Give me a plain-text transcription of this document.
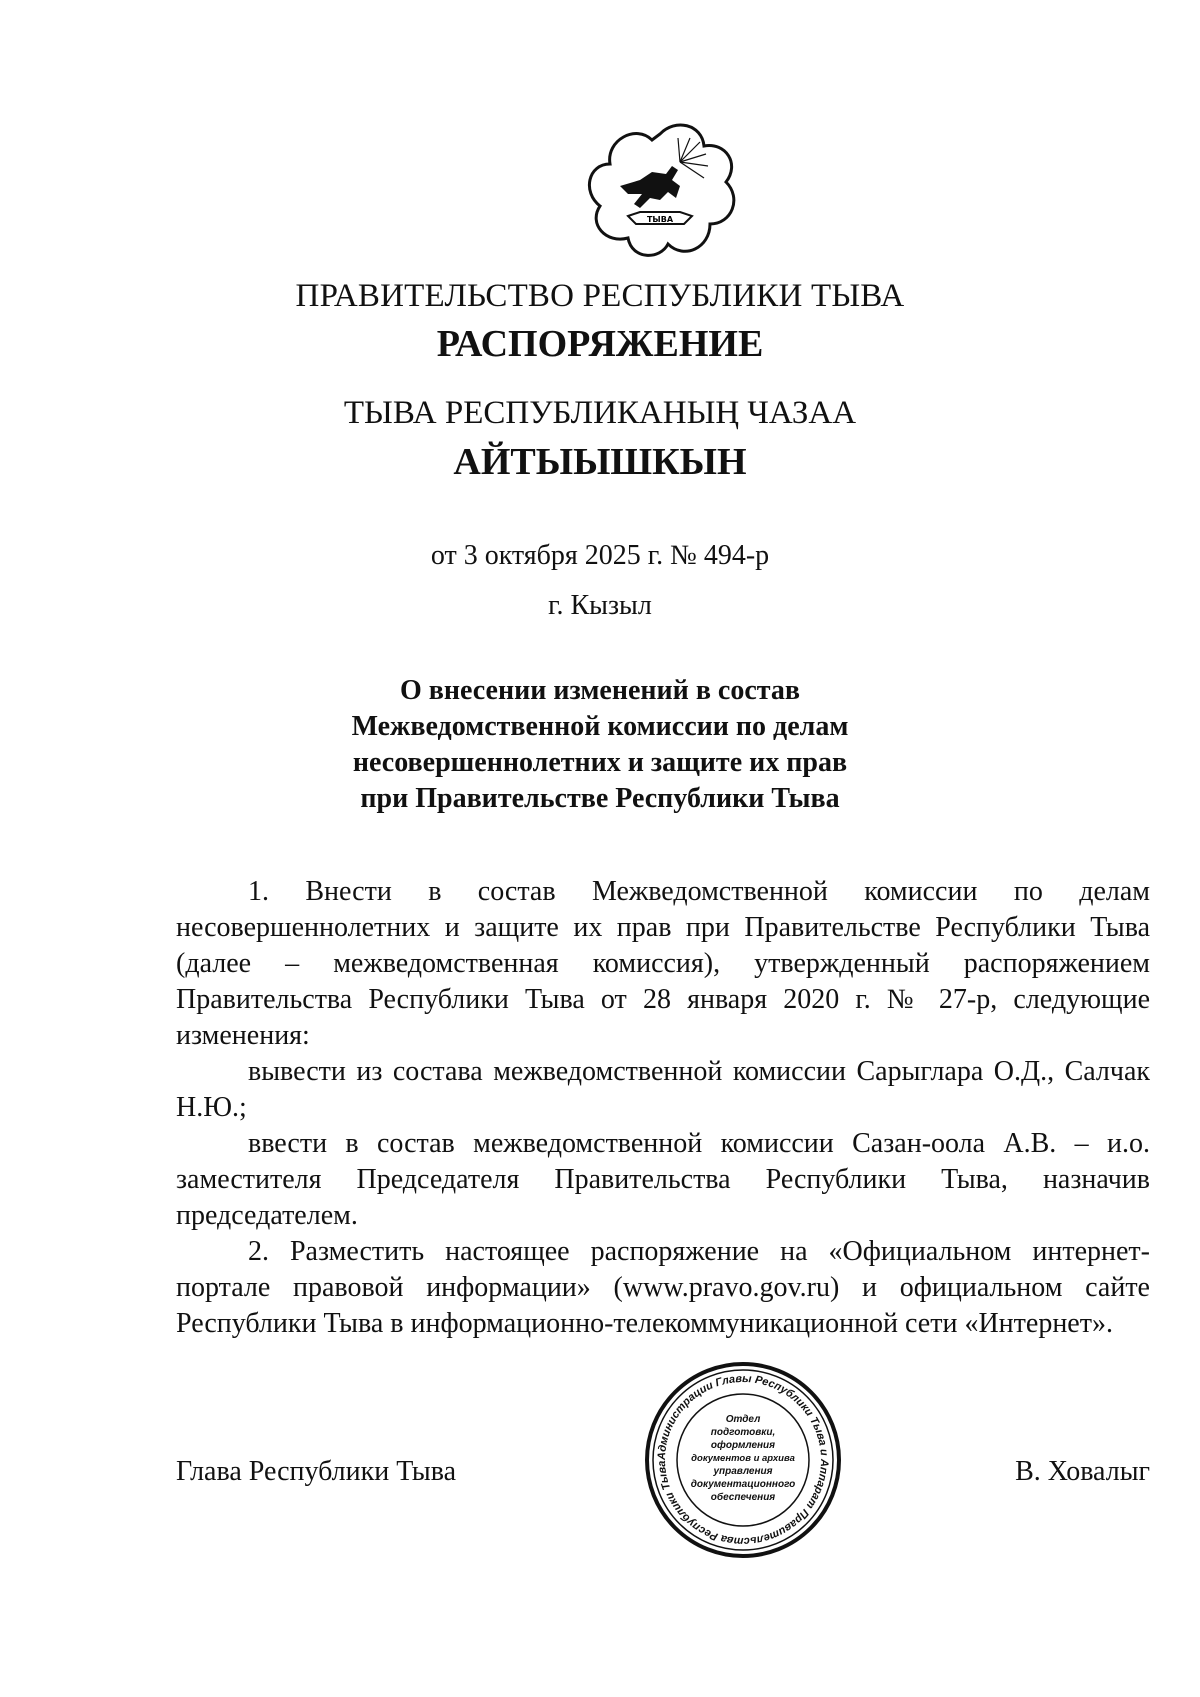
ТЫВА
ПРАВИТЕЛЬСТВО РЕСПУБЛИКИ ТЫВА
РАСПОРЯЖЕНИЕ
ТЫВА РЕСПУБЛИКАНЫҢ ЧАЗАА
АЙТЫЫШКЫН
от 3 октября 2025 г. № 494-р
г. Кызыл
О внесении изменений в состав
Межведомственной комиссии по делам
несовершеннолетних и защите их прав
при Правительстве Республики Тыва

1. Внести в состав Межведомственной комиссии по делам несовершеннолетних и защите их прав при Правительстве Республики Тыва (далее – межведомственная комиссия), утвержденный распоряжением Правительства Республики Тыва от 28 января 2020 г. № 27-р, следующие изменения:

вывести из состава межведомственной комиссии Сарыглара О.Д., Салчак Н.Ю.;

ввести в состав межведомственной комиссии Сазан-оола А.В. – и.о. заместителя Председателя Правительства Республики Тыва, назначив председателем.

2. Разместить настоящее распоряжение на «Официальном интернет-портале правовой информации» (www.pravo.gov.ru) и официальном сайте Республики Тыва в информационно-телекоммуникационной сети «Интернет».

Глава Республики Тыва	В. Ховалыг
Администрации Главы Республики Тыва и Аппарат Правительства Республики Тыва
Отдел
подготовки,
оформления
документов и архива
управления
документационного
обеспечения
